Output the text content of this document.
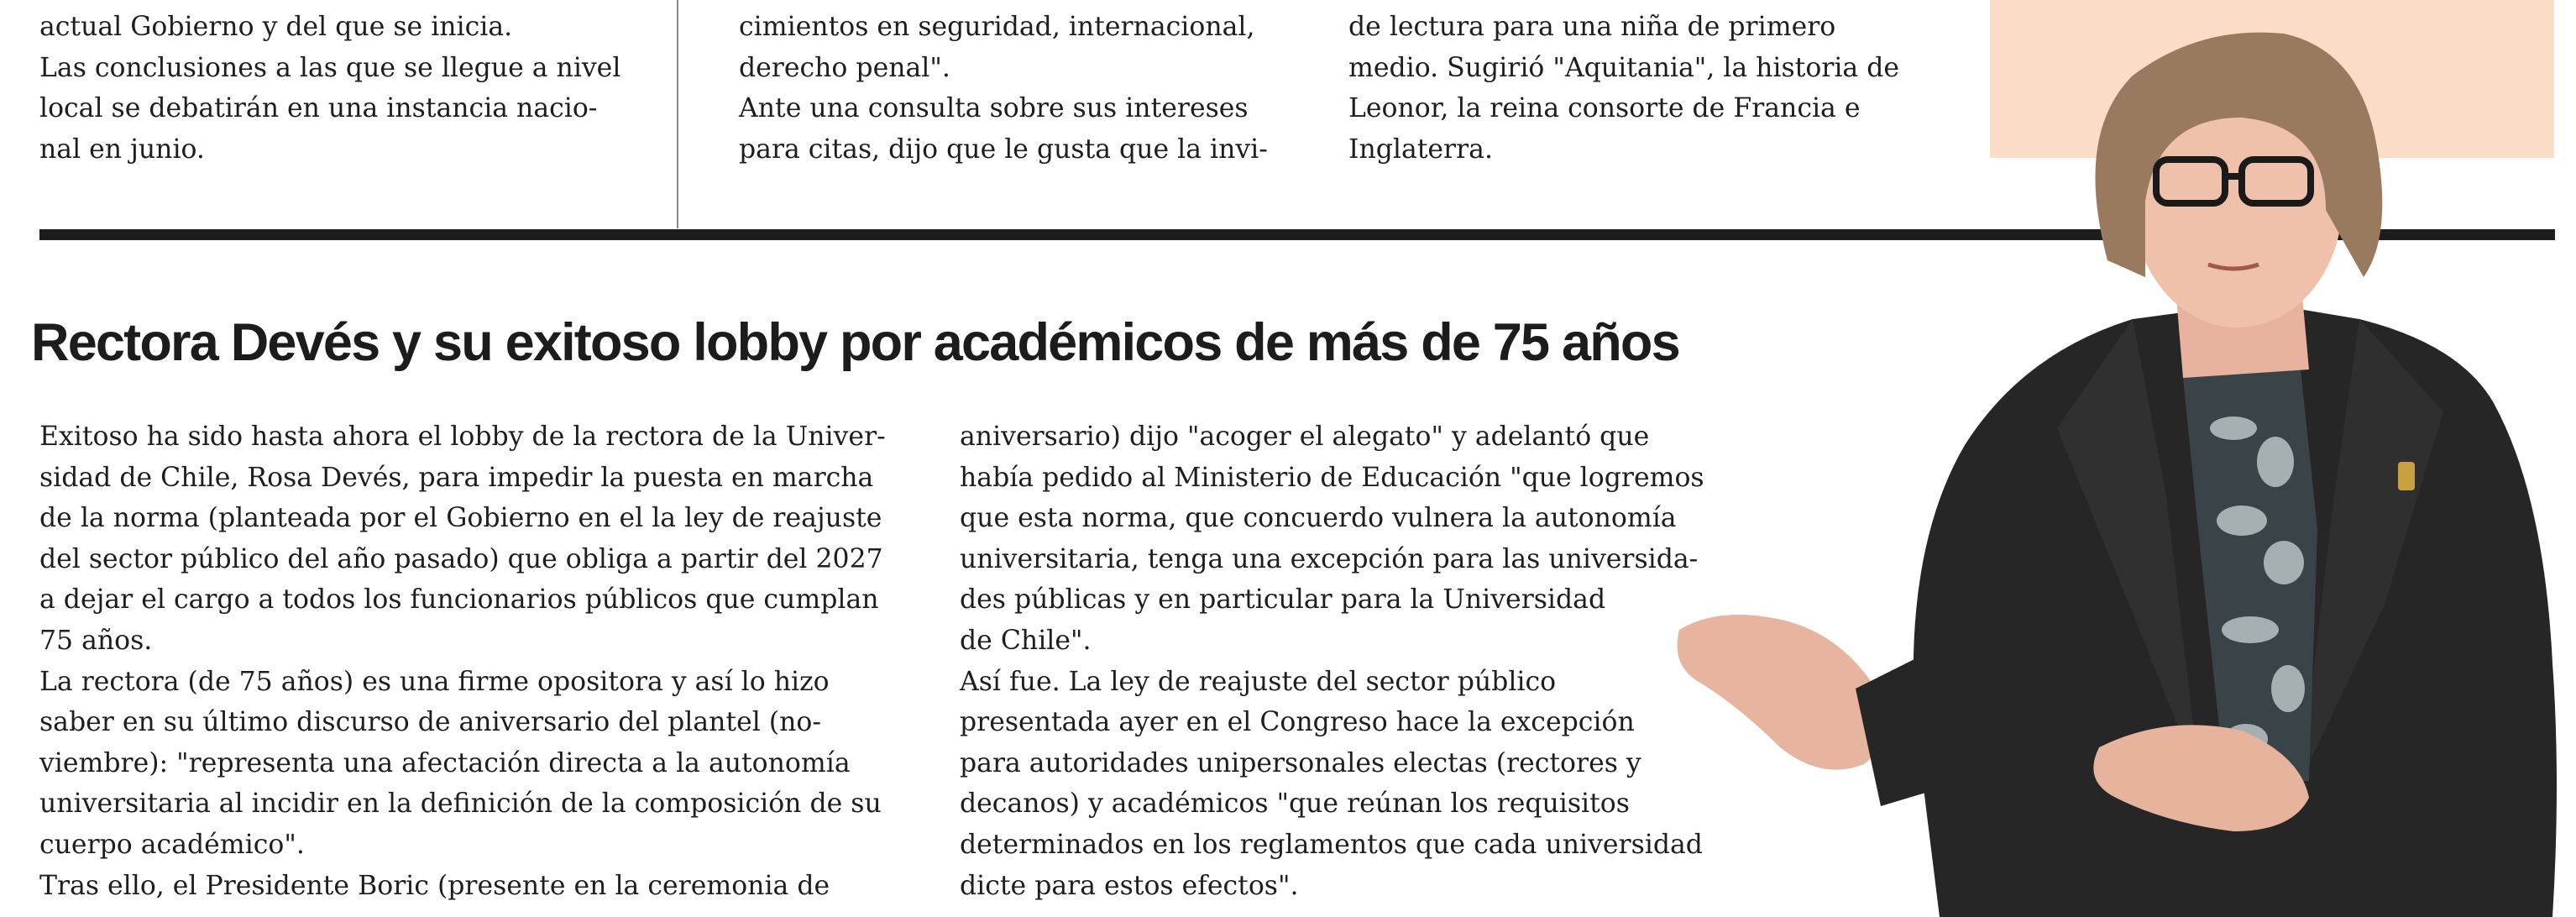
actual Gobierno y del que se inicia.
Las conclusiones a las que se llegue a nivel
local se debatirán en una instancia nacio-
nal en junio.
cimientos en seguridad, internacional,
derecho penal".
Ante una consulta sobre sus intereses
para citas, dijo que le gusta que la invi-
de lectura para una niña de primero
medio. Sugirió "Aquitania", la historia de
Leonor, la reina consorte de Francia e
Inglaterra.
Rectora Devés y su exitoso lobby por académicos de más de 75 años
Exitoso ha sido hasta ahora el lobby de la rectora de la Univer-
sidad de Chile, Rosa Devés, para impedir la puesta en marcha
de la norma (planteada por el Gobierno en el la ley de reajuste
del sector público del año pasado) que obliga a partir del 2027
a dejar el cargo a todos los funcionarios públicos que cumplan
75 años.
La rectora (de 75 años) es una firme opositora y así lo hizo
saber en su último discurso de aniversario del plantel (no-
viembre): "representa una afectación directa a la autonomía
universitaria al incidir en la definición de la composición de su
cuerpo académico".
Tras ello, el Presidente Boric (presente en la ceremonia de
aniversario) dijo "acoger el alegato" y adelantó que
había pedido al Ministerio de Educación "que logremos
que esta norma, que concuerdo vulnera la autonomía
universitaria, tenga una excepción para las universida-
des públicas y en particular para la Universidad
de Chile".
Así fue. La ley de reajuste del sector público
presentada ayer en el Congreso hace la excepción
para autoridades unipersonales electas (rectores y
decanos) y académicos "que reúnan los requisitos
determinados en los reglamentos que cada universidad
dicte para estos efectos".
